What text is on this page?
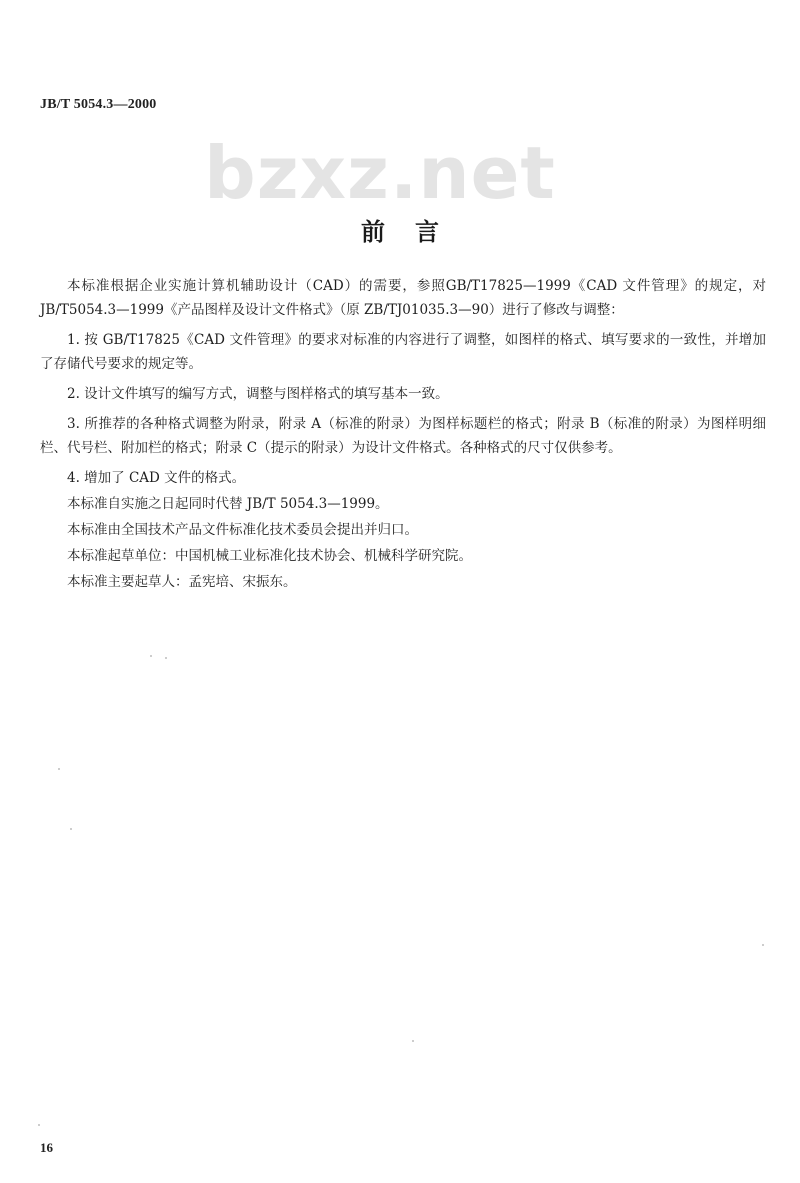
JB/T 5054.3—2000
bzxz.net
前言

本标准根据企业实施计算机辅助设计（CAD）的需要，参照GB/T17825—1999《CAD 文件管理》的规定，对 JB/T5054.3—1999《产品图样及设计文件格式》（原 ZB/TJ01035.3—90）进行了修改与调整：

1. 按 GB/T17825《CAD 文件管理》的要求对标准的内容进行了调整，如图样的格式、填写要求的一致性，并增加了存储代号要求的规定等。

2. 设计文件填写的编写方式，调整与图样格式的填写基本一致。

3. 所推荐的各种格式调整为附录，附录 A（标准的附录）为图样标题栏的格式；附录 B（标准的附录）为图样明细栏、代号栏、附加栏的格式；附录 C（提示的附录）为设计文件格式。各种格式的尺寸仅供参考。

4. 增加了 CAD 文件的格式。

本标准自实施之日起同时代替 JB/T 5054.3—1999。

本标准由全国技术产品文件标准化技术委员会提出并归口。

本标准起草单位：中国机械工业标准化技术协会、机械科学研究院。

本标准主要起草人：孟宪培、宋振东。

16
